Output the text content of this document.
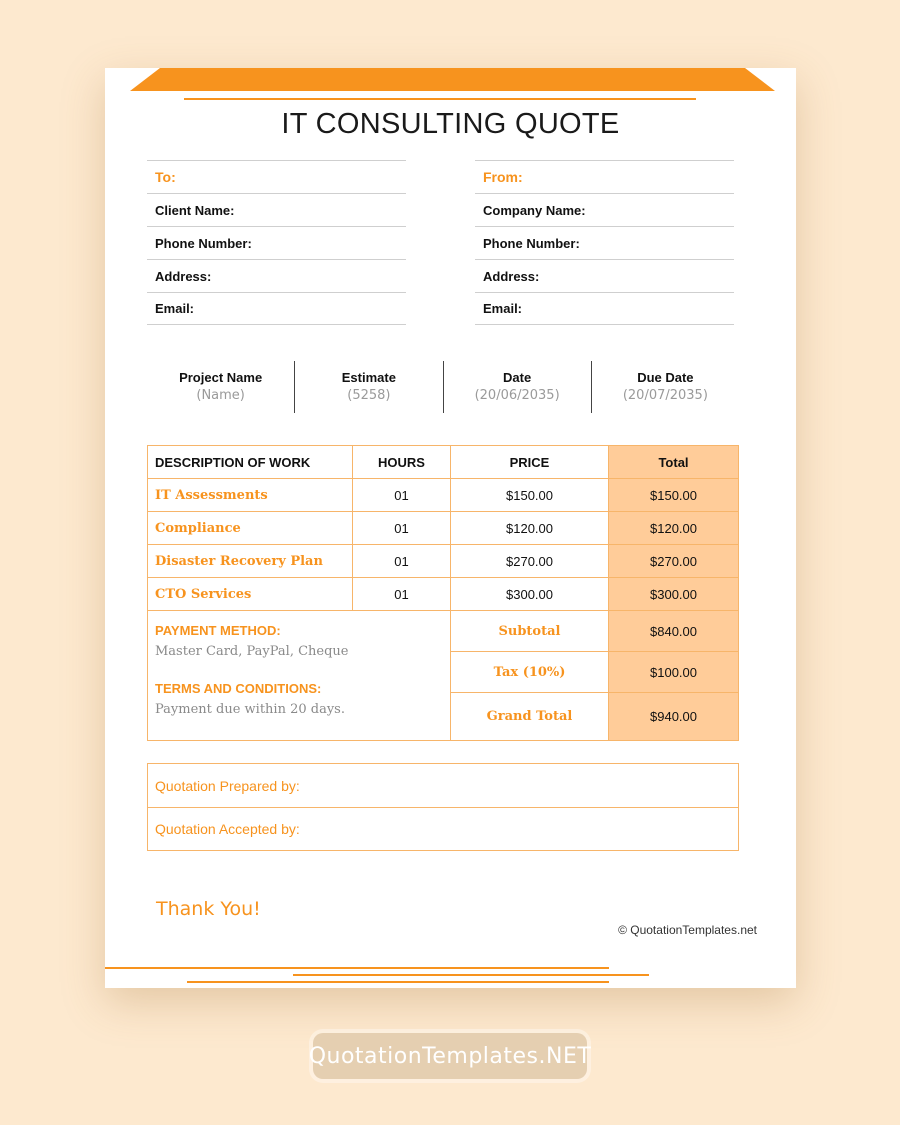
IT CONSULTING QUOTE
To:
Client Name:
Phone Number:
Address:
Email:
From:
Company Name:
Phone Number:
Address:
Email:
Project Name
(Name)
Estimate
(5258)
Date
(20/06/2035)
Due Date
(20/07/2035)
DESCRIPTION OF WORK	HOURS	PRICE	Total
IT Assessments	01	$150.00	$150.00
Compliance	01	$120.00	$120.00
Disaster Recovery Plan	01	$270.00	$270.00
CTO Services	01	$300.00	$300.00

PAYMENT METHOD:
Master Card, PayPal, Cheque
TERMS AND CONDITIONS:
Payment due within 20 days.		Subtotal	$840.00
		Tax (10%)	$100.00
		Grand Total	$940.00
Quotation Prepared by:
Quotation Accepted by:
Thank You!
© QuotationTemplates.net
QuotationTemplates.NET
